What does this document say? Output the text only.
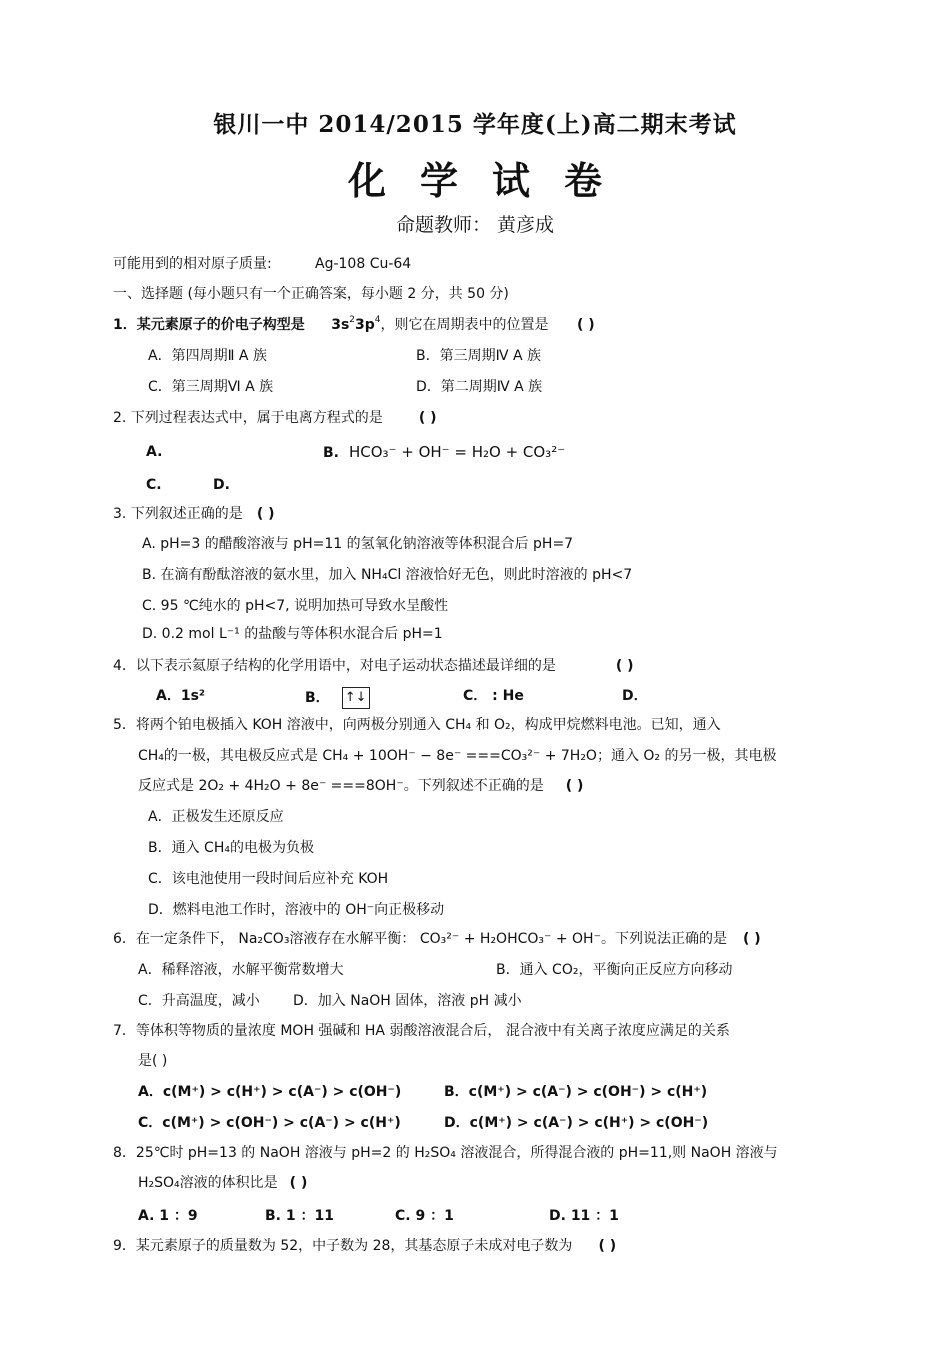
银川一中 2014/2015 学年度(上)高二期末考试
化学试卷
命题教师： 黄彦成
可能用到的相对原子质量:	Ag-108 Cu-64
一、选择题 (每小题只有一个正确答案，每小题 2 分，共 50 分)
1．某元素原子的价电子构型是 $3s^23p^4$，则它在周期表中的位置是 ( )
A．第四周期Ⅱ A 族	B．第三周期Ⅳ A 族
C．第三周期Ⅵ A 族	D．第二周期Ⅳ A 族
2. 下列过程表达式中，属于电离方程式的是	( )
A.	B. HCO₃⁻ + OH⁻ = H₂O + CO₃²⁻
C.	D.
3. 下列叙述正确的是 ( )
A. pH=3 的醋酸溶液与 pH=11 的氢氧化钠溶液等体积混合后 pH=7
B. 在滴有酚酞溶液的氨水里，加入 NH₄Cl 溶液恰好无色，则此时溶液的 pH<7
C. 95 ℃纯水的 pH<7, 说明加热可导致水呈酸性
D. 0.2 mol L⁻¹ 的盐酸与等体积水混合后 pH=1
4．以下表示氦原子结构的化学用语中，对电子运动状态描述最详细的是	( )
A．1s²	B． ↑↓	C． : He	D．
5．将两个铂电极插入 KOH 溶液中，向两极分别通入 CH₄ 和 O₂，构成甲烷燃料电池。已知，通入
CH₄的一极，其电极反应式是 CH₄ + 10OH⁻ − 8e⁻ ===CO₃²⁻ + 7H₂O；通入 O₂ 的另一极，其电极
反应式是 2O₂ + 4H₂O + 8e⁻ ===8OH⁻。下列叙述不正确的是 ( )
A．正极发生还原反应
B．通入 CH₄的电极为负极
C．该电池使用一段时间后应补充 KOH
D．燃料电池工作时，溶液中的 OH⁻向正极移动
6．在一定条件下， Na₂CO₃溶液存在水解平衡： CO₃²⁻ + H₂OHCO₃⁻ + OH⁻。下列说法正确的是 ( )
A．稀释溶液，水解平衡常数增大	B．通入 CO₂，平衡向正反应方向移动
C．升高温度，减小 D．加入 NaOH 固体，溶液 pH 减小
7．等体积等物质的量浓度 MOH 强碱和 HA 弱酸溶液混合后， 混合液中有关离子浓度应满足的关系
是( )
A．c(M⁺) > c(H⁺) > c(A⁻) > c(OH⁻)	B．c(M⁺) > c(A⁻) > c(OH⁻) > c(H⁺)
C．c(M⁺) > c(OH⁻) > c(A⁻) > c(H⁺)	D．c(M⁺) > c(A⁻) > c(H⁺) > c(OH⁻)
8．25℃时 pH=13 的 NaOH 溶液与 pH=2 的 H₂SO₄ 溶液混合，所得混合液的 pH=11,则 NaOH 溶液与
H₂SO₄溶液的体积比是 ( )
A. 1 ：9	B. 1 ：11	C. 9 ：1	D. 11 ：1
9．某元素原子的质量数为 52，中子数为 28，其基态原子未成对电子数为 ( )
